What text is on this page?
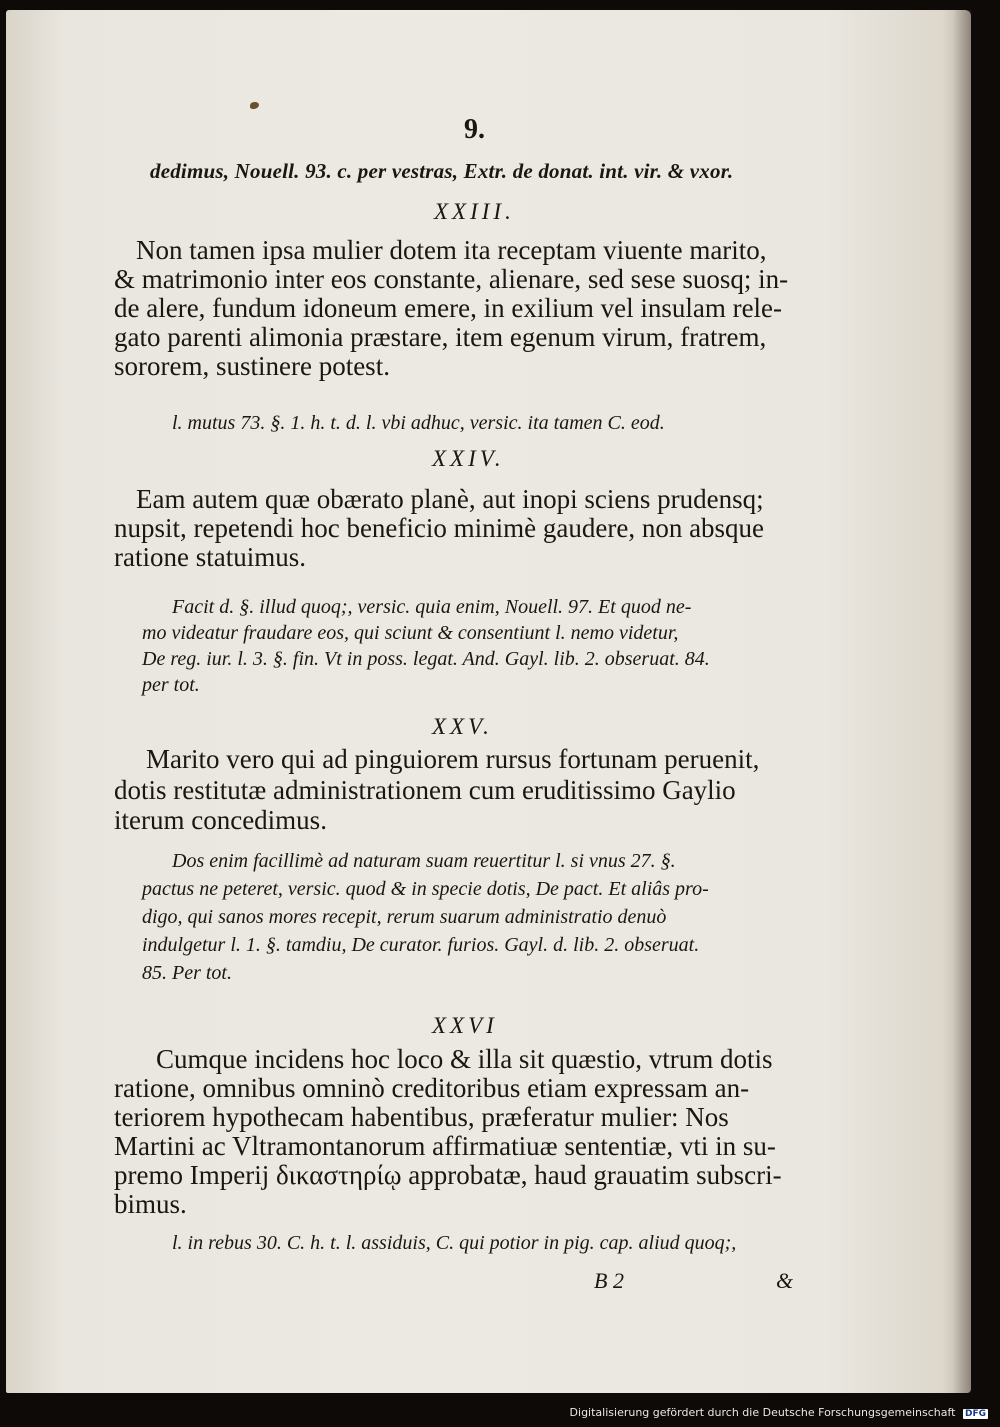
9.
dedimus, Nouell. 93. c. per vestras, Extr. de donat. int. vir. & vxor.
XXIII.
Non tamen ipsa mulier dotem ita receptam viuente marito,
& matrimonio inter eos constante, alienare, sed sese suosq; in-
de alere, fundum idoneum emere, in exilium vel insulam rele-
gato parenti alimonia præstare, item egenum virum, fratrem,
sororem, sustinere potest.
l. mutus 73. §. 1. h. t. d. l. vbi adhuc, versic. ita tamen C. eod.
XXIV.
Eam autem quæ obærato planè, aut inopi sciens prudensq;
nupsit, repetendi hoc beneficio minimè gaudere, non absque
ratione statuimus.
Facit d. §. illud quoq;, versic. quia enim, Nouell. 97. Et quod ne-
mo videatur fraudare eos, qui sciunt & consentiunt l. nemo videtur,
De reg. iur. l. 3. §. fin. Vt in poss. legat. And. Gayl. lib. 2. obseruat. 84.
per tot.
XXV.
Marito vero qui ad pinguiorem rursus fortunam peruenit,
dotis restitutæ administrationem cum eruditissimo Gaylio
iterum concedimus.
Dos enim facillimè ad naturam suam reuertitur l. si vnus 27. §.
pactus ne peteret, versic. quod & in specie dotis, De pact. Et aliâs pro-
digo, qui sanos mores recepit, rerum suarum administratio denuò
indulgetur l. 1. §. tamdiu, De curator. furios. Gayl. d. lib. 2. obseruat.
85. Per tot.
XXVI
Cumque incidens hoc loco & illa sit quæstio, vtrum dotis
ratione, omnibus omninò creditoribus etiam expressam an-
teriorem hypothecam habentibus, præferatur mulier: Nos
Martini ac Vltramontanorum affirmatiuæ sententiæ, vti in su-
premo Imperij δικαστηρίῳ approbatæ, haud grauatim subscri-
bimus.
l. in rebus 30. C. h. t. l. assiduis, C. qui potior in pig. cap. aliud quoq;,
B 2	&
Digitalisierung gefördert durch die Deutsche Forschungsgemeinschaft DFG
